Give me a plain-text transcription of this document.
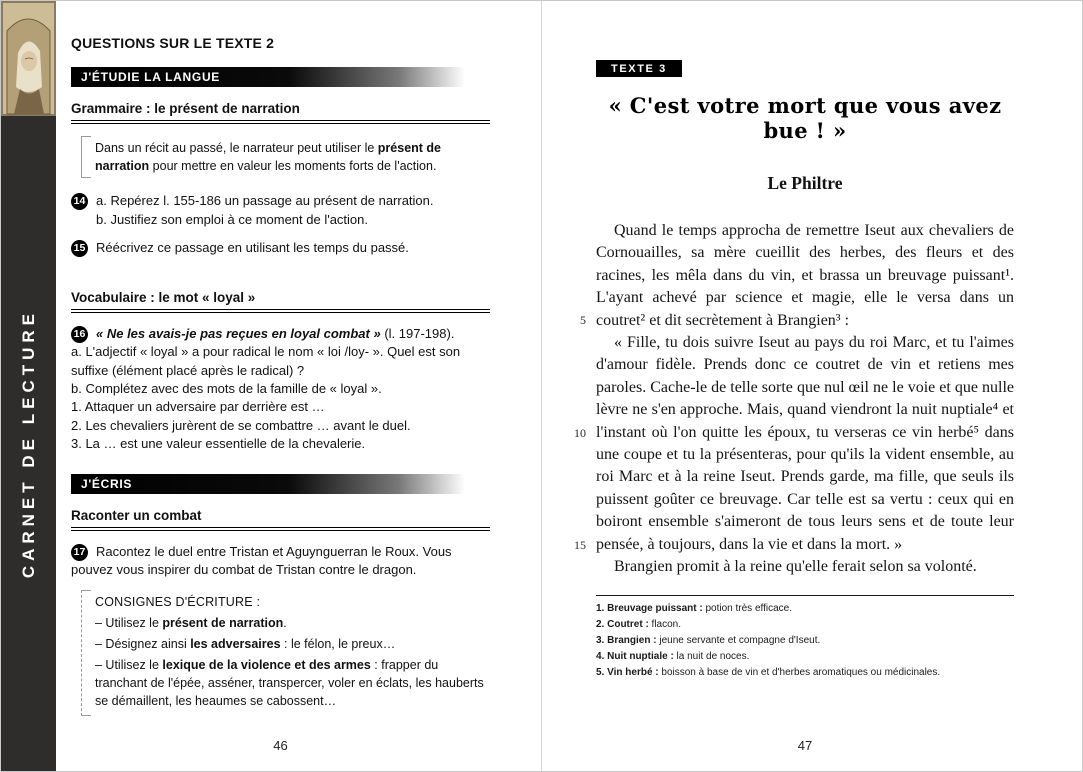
CARNET DE LECTURE
QUESTIONS SUR LE TEXTE 2
J'ÉTUDIE LA LANGUE
Grammaire : le présent de narration
Dans un récit au passé, le narrateur peut utiliser le présent de narration pour mettre en valeur les moments forts de l'action.
14 a. Repérez l. 155-186 un passage au présent de narration.
b. Justifiez son emploi à ce moment de l'action.
15 Réécrivez ce passage en utilisant les temps du passé.
Vocabulaire : le mot « loyal »
16 « Ne les avais-je pas reçues en loyal combat » (l. 197-198).
a. L'adjectif « loyal » a pour radical le nom « loi /loy- ». Quel est son suffixe (élément placé après le radical) ?
b. Complétez avec des mots de la famille de « loyal ».
1. Attaquer un adversaire par derrière est …
2. Les chevaliers jurèrent de se combattre … avant le duel.
3. La … est une valeur essentielle de la chevalerie.
J'ÉCRIS
Raconter un combat
17 Racontez le duel entre Tristan et Aguynguerran le Roux. Vous pouvez vous inspirer du combat de Tristan contre le dragon.

CONSIGNES D'ÉCRITURE :

– Utilisez le présent de narration.

– Désignez ainsi les adversaires : le félon, le preux…

– Utilisez le lexique de la violence et des armes : frapper du tranchant de l'épée, asséner, transpercer, voler en éclats, les hauberts se démaillent, les heaumes se cabossent…

46
TEXTE 3
« C'est votre mort que vous avez bue ! »
Le Philtre
5
10
15

Quand le temps approcha de remettre Iseut aux chevaliers de Cornouailles, sa mère cueillit des herbes, des fleurs et des racines, les mêla dans du vin, et brassa un breuvage puissant¹. L'ayant achevé par science et magie, elle le versa dans un coutret² et dit secrètement à Brangien³ :

« Fille, tu dois suivre Iseut au pays du roi Marc, et tu l'aimes d'amour fidèle. Prends donc ce coutret de vin et retiens mes paroles. Cache-le de telle sorte que nul œil ne le voie et que nulle lèvre ne s'en approche. Mais, quand viendront la nuit nuptiale⁴ et l'instant où l'on quitte les époux, tu verseras ce vin herbé⁵ dans une coupe et tu la présenteras, pour qu'ils la vident ensemble, au roi Marc et à la reine Iseut. Prends garde, ma fille, que seuls ils puissent goûter ce breuvage. Car telle est sa vertu : ceux qui en boiront ensemble s'aimeront de tous leurs sens et de toute leur pensée, à toujours, dans la vie et dans la mort. »

Brangien promit à la reine qu'elle ferait selon sa volonté.

1. Breuvage puissant : potion très efficace.

2. Coutret : flacon.

3. Brangien : jeune servante et compagne d'Iseut.

4. Nuit nuptiale : la nuit de noces.

5. Vin herbé : boisson à base de vin et d'herbes aromatiques ou médicinales.

47
